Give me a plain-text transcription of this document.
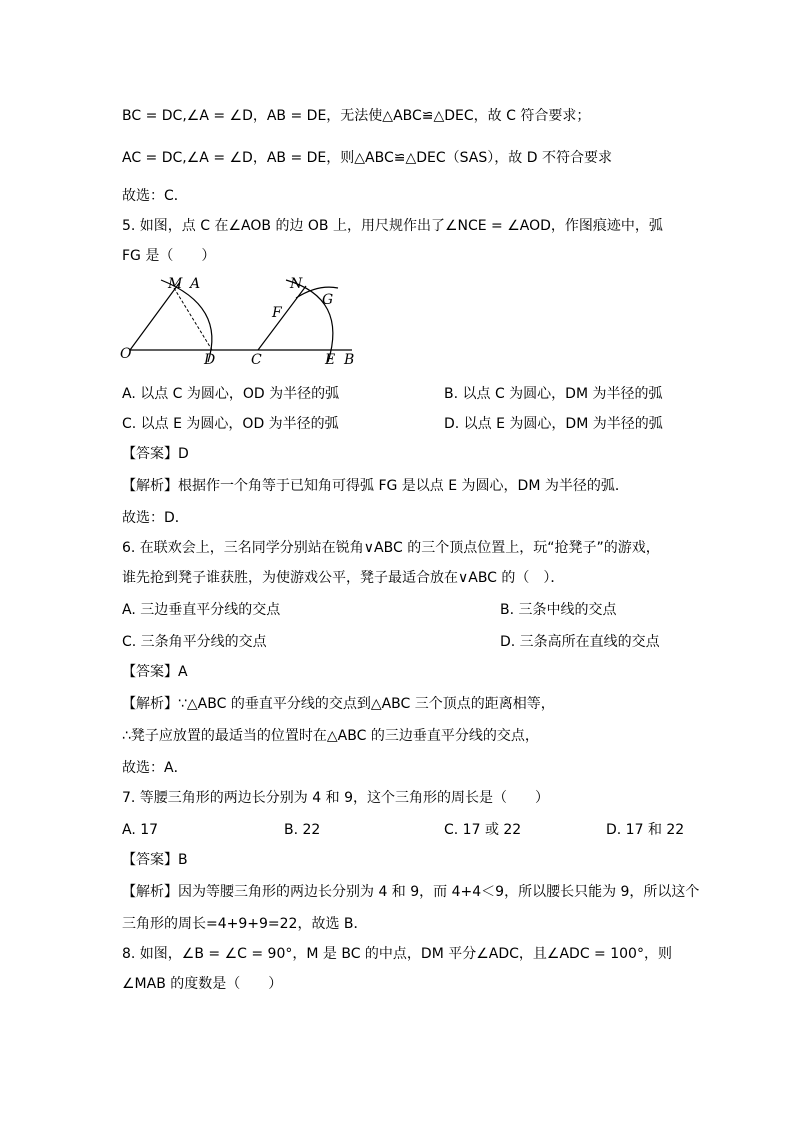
BC = DC,∠A = ∠D，AB = DE，无法使△ABC≌△DEC，故 C 符合要求；
AC = DC,∠A = ∠D，AB = DE，则△ABC≌△DEC（SAS），故 D 不符合要求
故选：C．
5. 如图，点 C 在∠AOB 的边 OB 上，用尺规作出了∠NCE = ∠AOD，作图痕迹中，弧
FG 是（　　）
O
M A
D	C
N
G
F
E B
A. 以点 C 为圆心，OD 为半径的弧	B. 以点 C 为圆心，DM 为半径的弧
C. 以点 E 为圆心，OD 为半径的弧	D. 以点 E 为圆心，DM 为半径的弧
【答案】D
【解析】根据作一个角等于已知角可得弧 FG 是以点 E 为圆心，DM 为半径的弧．
故选：D．
6. 在联欢会上，三名同学分别站在锐角∨ABC 的三个顶点位置上，玩“抢凳子”的游戏，
谁先抢到凳子谁获胜，为使游戏公平，凳子最适合放在∨ABC 的（　）．
A. 三边垂直平分线的交点	B. 三条中线的交点
C. 三条角平分线的交点	D. 三条高所在直线的交点
【答案】A
【解析】∵△ABC 的垂直平分线的交点到△ABC 三个顶点的距离相等，
∴凳子应放置的最适当的位置时在△ABC 的三边垂直平分线的交点，
故选：A．
7. 等腰三角形的两边长分别为 4 和 9，这个三角形的周长是（　　）
A. 17	B. 22	C. 17 或 22	D. 17 和 22
【答案】B
【解析】因为等腰三角形的两边长分别为 4 和 9，而 4+4＜9，所以腰长只能为 9，所以这个
三角形的周长=4+9+9=22，故选 B．
8. 如图，∠B = ∠C = 90°，M 是 BC 的中点，DM 平分∠ADC，且∠ADC = 100°，则
∠MAB 的度数是（　　）
